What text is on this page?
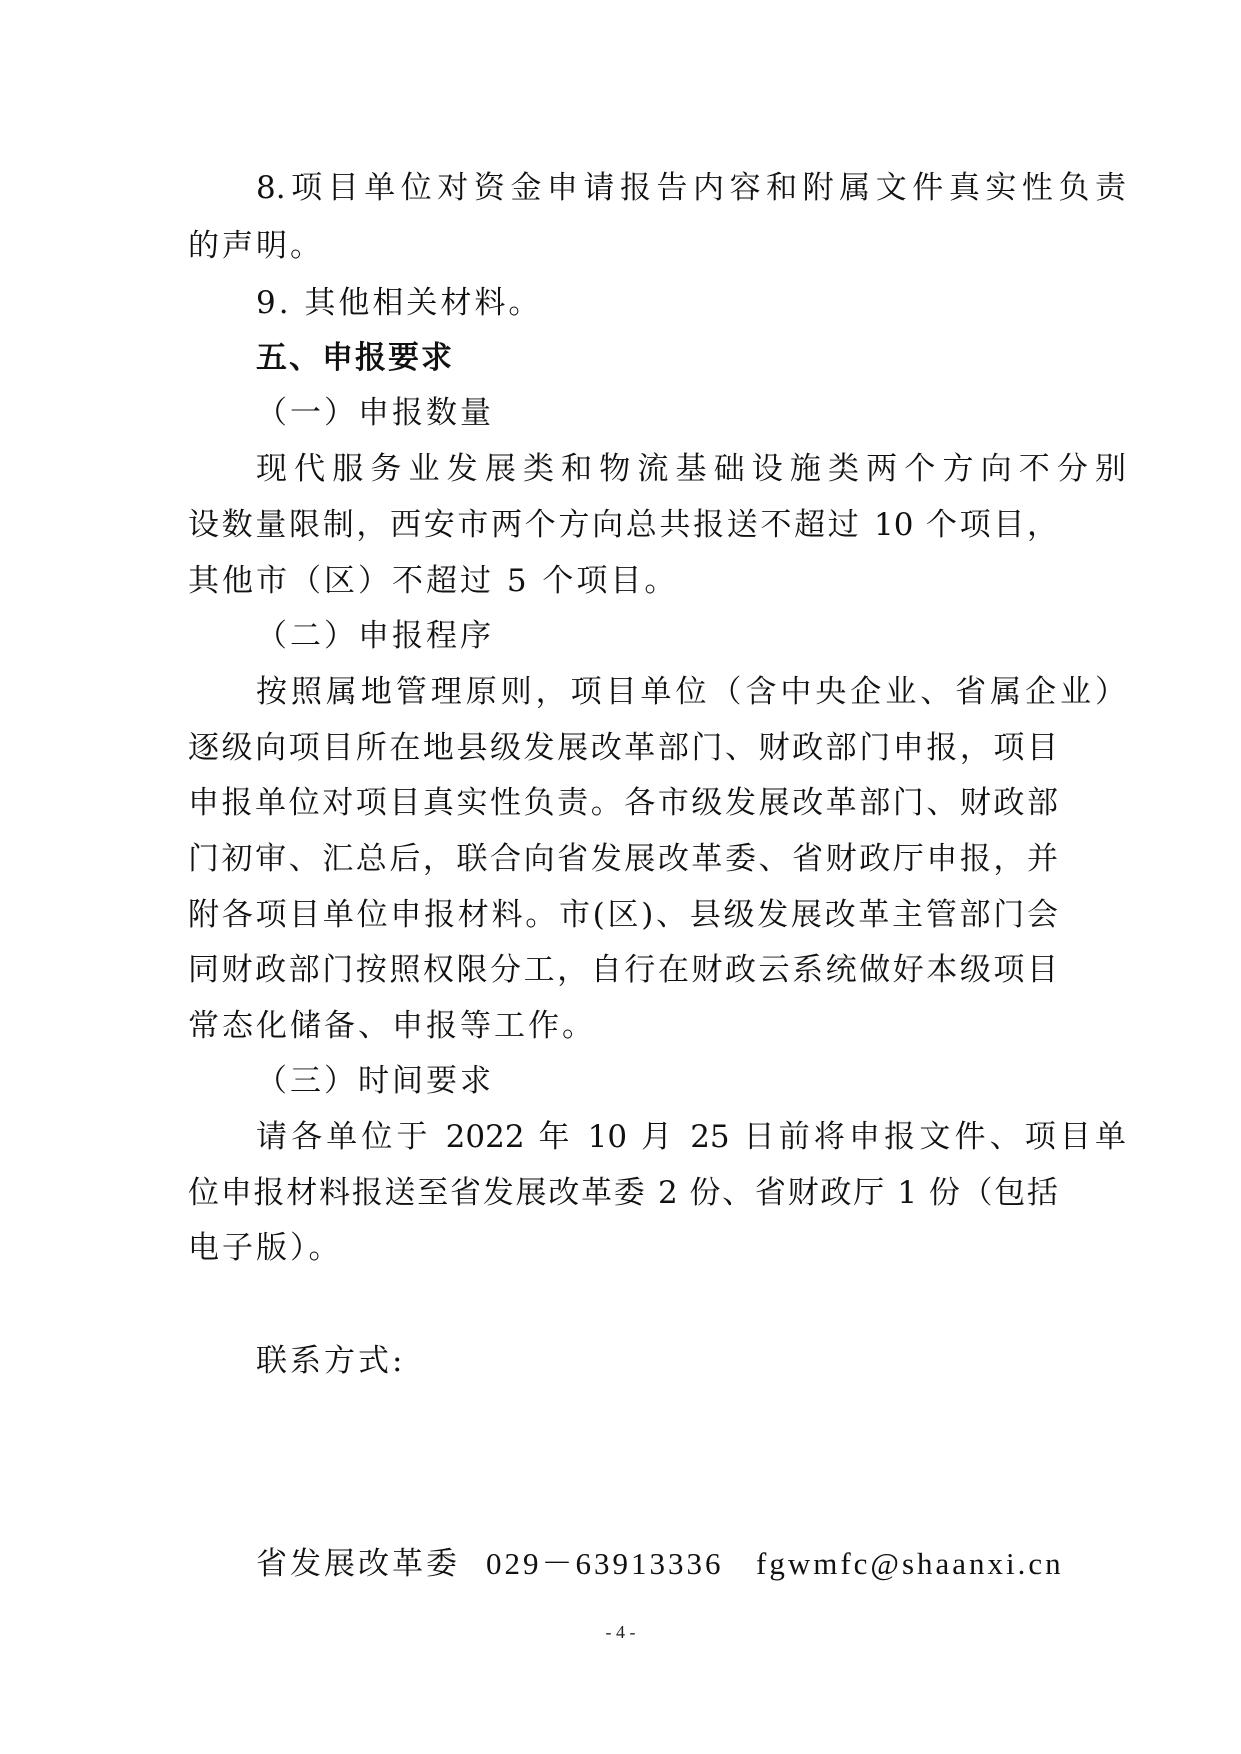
8.项目单位对资金申请报告内容和附属文件真实性负责
的声明。
9. 其他相关材料。
五、申报要求
（一）申报数量
现代服务业发展类和物流基础设施类两个方向不分别
设数量限制，西安市两个方向总共报送不超过 10 个项目，
其他市（区）不超过 5 个项目。
（二）申报程序
按照属地管理原则，项目单位（含中央企业、省属企业）
逐级向项目所在地县级发展改革部门、财政部门申报，项目
申报单位对项目真实性负责。各市级发展改革部门、财政部
门初审、汇总后，联合向省发展改革委、省财政厅申报，并
附各项目单位申报材料。市(区)、县级发展改革主管部门会
同财政部门按照权限分工，自行在财政云系统做好本级项目
常态化储备、申报等工作。
（三）时间要求
请各单位于 2022 年 10 月 25 日前将申报文件、项目单
位申报材料报送至省发展改革委 2 份、省财政厅 1 份（包括
电子版）。
联系方式:
省发展改革委 029－63913336 fgwmfc@shaanxi.cn
- 4 -
